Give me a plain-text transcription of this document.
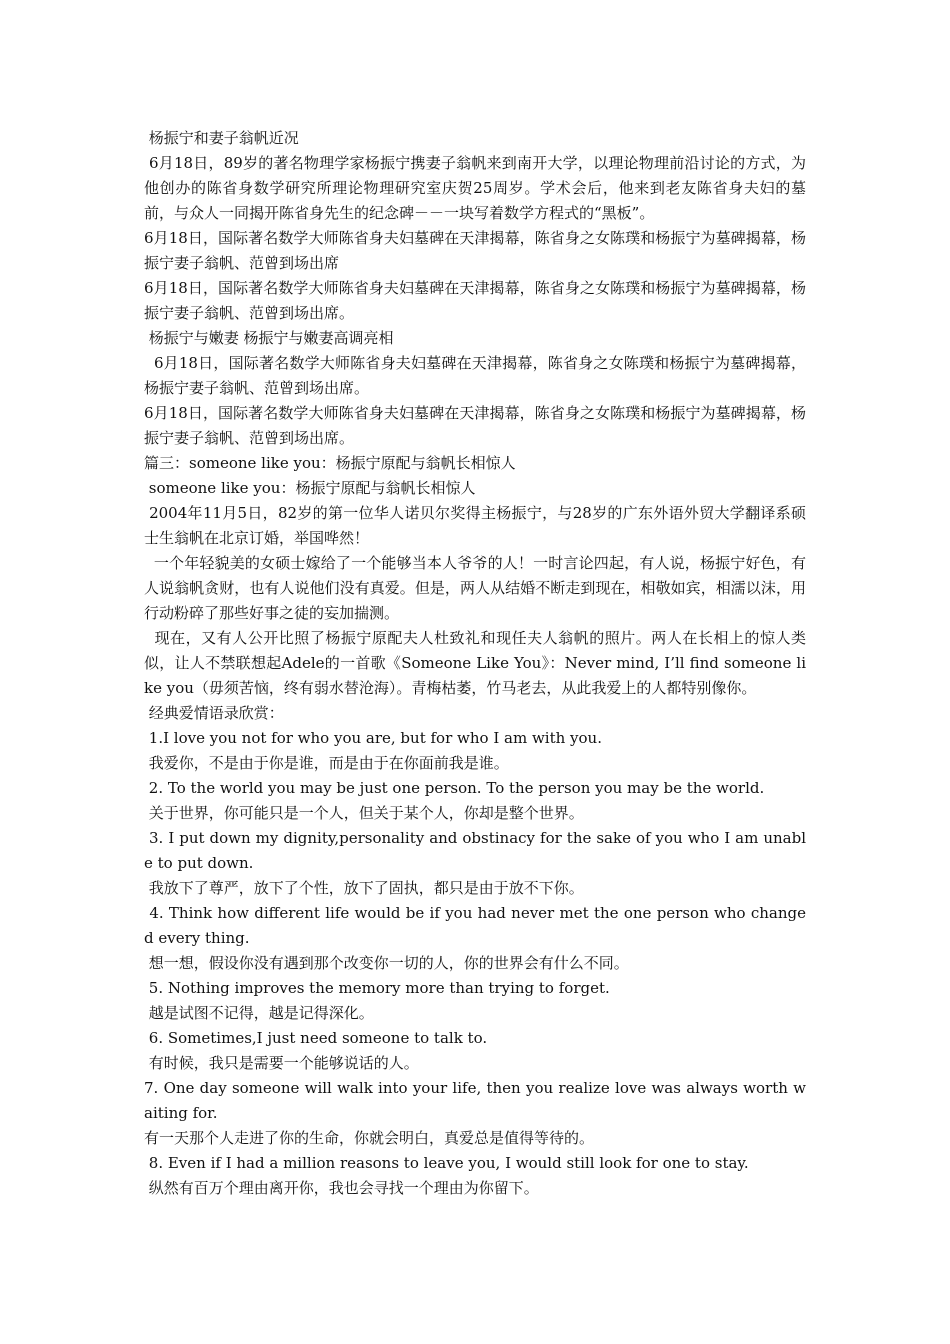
杨振宁和妻子翁帆近况

6月18日，89岁的著名物理学家杨振宁携妻子翁帆来到南开大学，以理论物理前沿讨论的方式，为他创办的陈省身数学研究所理论物理研究室庆贺25周岁。学术会后，他来到老友陈省身夫妇的墓前，与众人一同揭开陈省身先生的纪念碑－－一块写着数学方程式的“黑板”。

6月18日，国际著名数学大师陈省身夫妇墓碑在天津揭幕，陈省身之女陈璞和杨振宁为墓碑揭幕，杨振宁妻子翁帆、范曾到场出席

6月18日，国际著名数学大师陈省身夫妇墓碑在天津揭幕，陈省身之女陈璞和杨振宁为墓碑揭幕，杨振宁妻子翁帆、范曾到场出席。

杨振宁与嫩妻 杨振宁与嫩妻高调亮相

6月18日，国际著名数学大师陈省身夫妇墓碑在天津揭幕，陈省身之女陈璞和杨振宁为墓碑揭幕，杨振宁妻子翁帆、范曾到场出席。

6月18日，国际著名数学大师陈省身夫妇墓碑在天津揭幕，陈省身之女陈璞和杨振宁为墓碑揭幕，杨振宁妻子翁帆、范曾到场出席。

篇三：someone like you：杨振宁原配与翁帆长相惊人

someone like you：杨振宁原配与翁帆长相惊人

2004年11月5日，82岁的第一位华人诺贝尔奖得主杨振宁，与28岁的广东外语外贸大学翻译系硕士生翁帆在北京订婚，举国哗然！

一个年轻貌美的女硕士嫁给了一个能够当本人爷爷的人！一时言论四起，有人说，杨振宁好色，有人说翁帆贪财，也有人说他们没有真爱。但是，两人从结婚不断走到现在，相敬如宾，相濡以沫，用行动粉碎了那些好事之徒的妄加揣测。

现在，又有人公开比照了杨振宁原配夫人杜致礼和现任夫人翁帆的照片。两人在长相上的惊人类似，让人不禁联想起Adele的一首歌《Someone Like You》：Never mind, I’ll find someone like you（毋须苦恼，终有弱水替沧海）。青梅枯萎，竹马老去，从此我爱上的人都特别像你。

经典爱情语录欣赏：

1.I love you not for who you are, but for who I am with you.

我爱你，不是由于你是谁，而是由于在你面前我是谁。

2. To the world you may be just one person. To the person you may be the world.

关于世界，你可能只是一个人，但关于某个人，你却是整个世界。

3. I put down my dignity,personality and obstinacy for the sake of you who I am unable to put down.

我放下了尊严，放下了个性，放下了固执，都只是由于放不下你。

4. Think how different life would be if you had never met the one person who changed every thing.

想一想，假设你没有遇到那个改变你一切的人，你的世界会有什么不同。

5. Nothing improves the memory more than trying to forget.

越是试图不记得，越是记得深化。

6. Sometimes,I just need someone to talk to.

有时候，我只是需要一个能够说话的人。

7. One day someone will walk into your life, then you realize love was always worth waiting for.

有一天那个人走进了你的生命，你就会明白，真爱总是值得等待的。

8. Even if I had a million reasons to leave you, I would still look for one to stay.

纵然有百万个理由离开你，我也会寻找一个理由为你留下。
